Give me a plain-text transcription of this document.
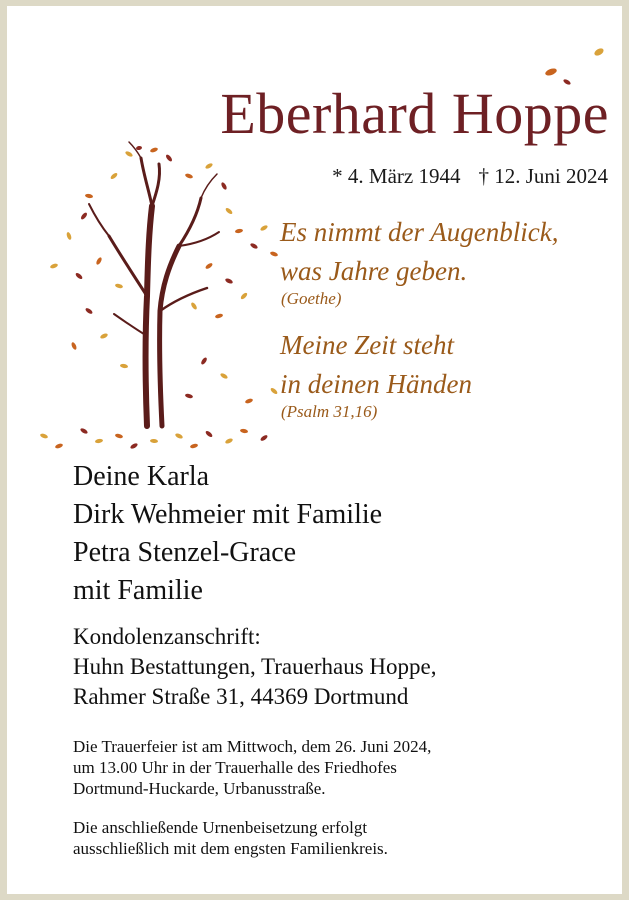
Eberhard Hoppe
* 4. März 1944 † 12. Juni 2024
Es nimmt der Augenblick,
was Jahre geben.
(Goethe)
Meine Zeit steht
in deinen Händen
(Psalm 31,16)
Deine Karla
Dirk Wehmeier mit Familie
Petra Stenzel-Grace
mit Familie
Kondolenzanschrift:
Huhn Bestattungen, Trauerhaus Hoppe,
Rahmer Straße 31, 44369 Dortmund
Die Trauerfeier ist am Mittwoch, dem 26. Juni 2024,
um 13.00 Uhr in der Trauerhalle des Friedhofes
Dortmund-Huckarde, Urbanusstraße.
Die anschließende Urnenbeisetzung erfolgt
ausschließlich mit dem engsten Familienkreis.
